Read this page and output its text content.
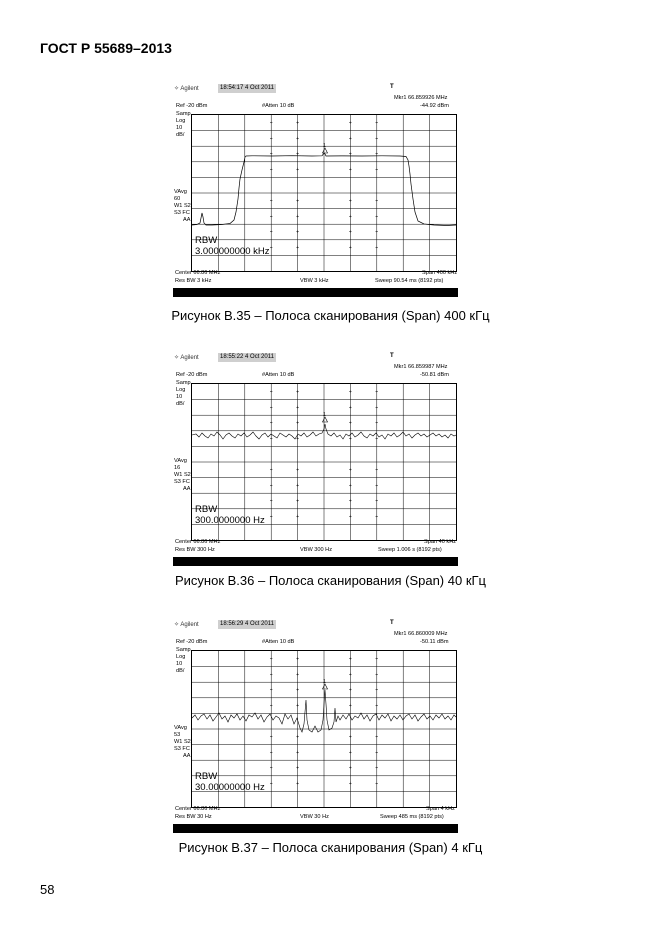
ГОСТ Р 55689–2013
✧ Agilent	18:54:17 4 Oct 2011	T
Mkr1 66.859926 MHz
Ref -20 dBm	#Atten 10 dB	-44.92 dBm
Samp
Log
10
dB/
VAvg
60
W1 S2
S3 FC
AA
+
+
+
+
+
+
+
+
+
+
+
+
+
+
+
+
+
+
+
+
+
+
+
+
+
+
+
+
+
+
+
+
1
RBW
3.000000000 kHz
Center 66.86 MHz	Span 400 kHz
Res BW 3 kHz	VBW 3 kHz	Sweep 90.54 ms (8192 pts)
Рисунок В.35 – Полоса сканирования (Span) 400 кГц
✧ Agilent	18:55:22 4 Oct 2011	T
Mkr1 66.859987 MHz
Ref -20 dBm	#Atten 10 dB	-50.81 dBm
Samp
Log
10
dB/
VAvg
16
W1 S2
S3 FC
AA
+
+
+
+
+
+
+
+
+
+
+
+
+
+
+
+
+
+
+
+
+
+
+
+
+
+
+
+
+
+
+
+
1
RBW
300.0000000 Hz
Center 66.86 MHz	Span 40 kHz
Res BW 300 Hz	VBW 300 Hz	Sweep 1.006 s (8192 pts)
Рисунок В.36 – Полоса сканирования (Span) 40 кГц
✧ Agilent	18:56:29 4 Oct 2011	T
Mkr1 66.860009 MHz
Ref -20 dBm	#Atten 10 dB	-50.11 dBm
Samp
Log
10
dB/
VAvg
53
W1 S2
S3 FC
AA
+
+
+
+
+
+
+
+
+
+
+
+
+
+
+
+
+
+
+
+
+
+
+
+
+
+
+
+
+
+
+
+
1
RBW
30.00000000 Hz
Center 66.86 MHz	Span 4 kHz
Res BW 30 Hz	VBW 30 Hz	Sweep 485 ms (8192 pts)
Рисунок В.37 – Полоса сканирования (Span) 4 кГц
58
